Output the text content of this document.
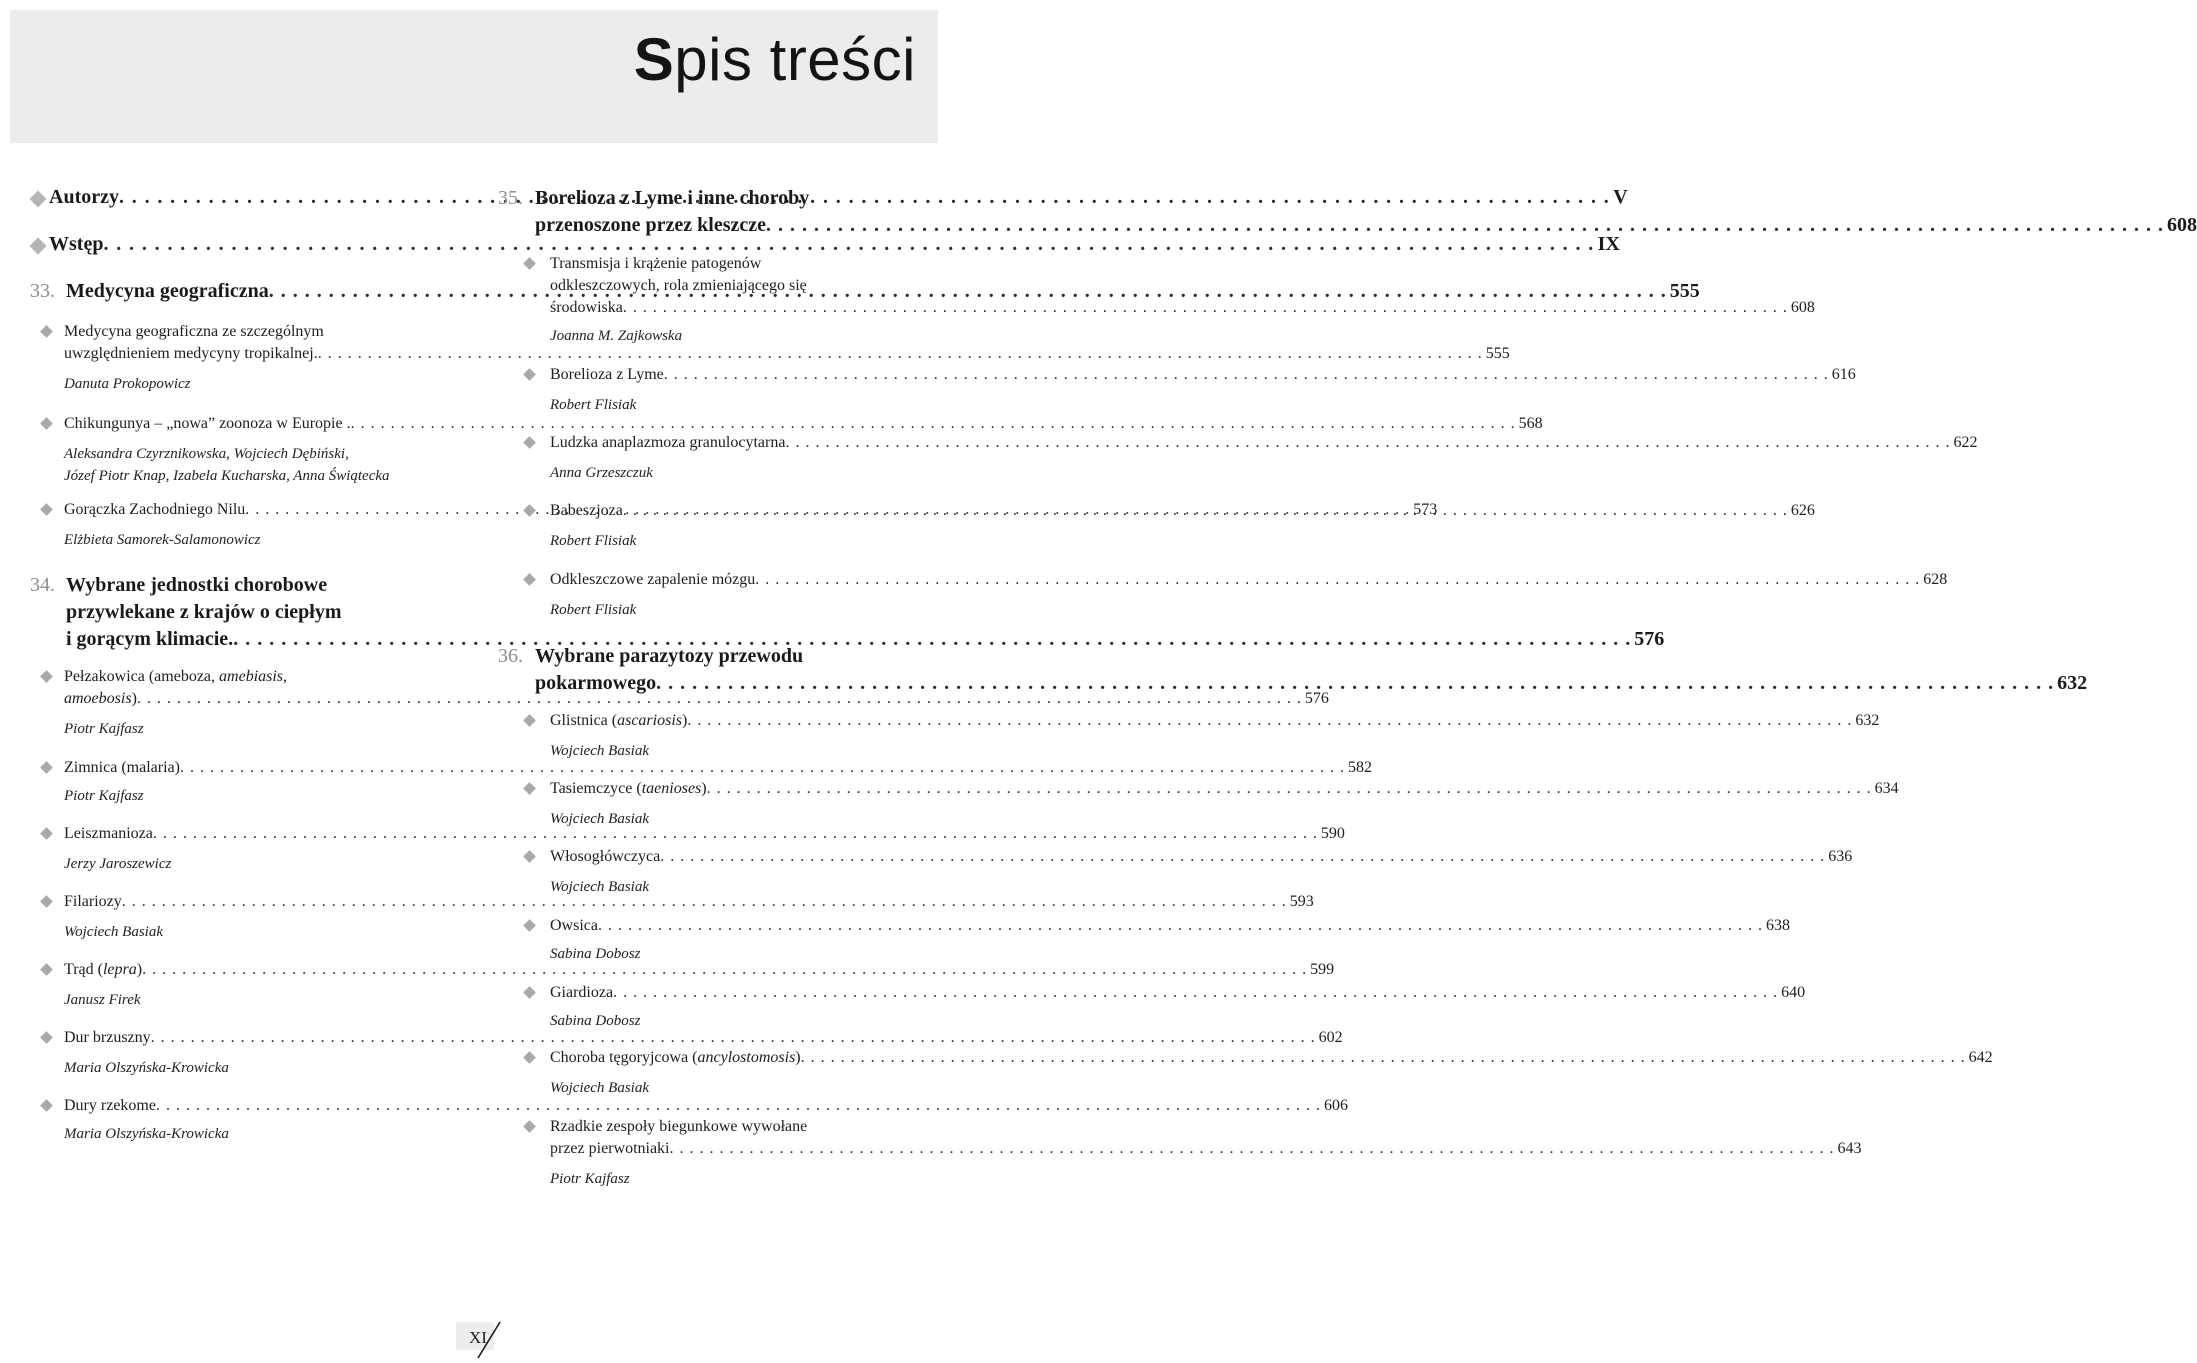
Spis treści
Autorzy . . .	V
Wstęp . . .	IX
33. Medycyna geograficzna . . .	555
Medycyna geograficzna ze szczególnym
uwzględnieniem medycyny tropikalnej. . . .	555
Danuta Prokopowicz
Chikungunya – „nowa” zoonoza w Europie . . . .	568
Aleksandra Czyrznikowska, Wojciech Dębiński,
Józef Piotr Knap, Izabela Kucharska, Anna Świątecka
Gorączka Zachodniego Nilu . . .	573
Elżbieta Samorek-Salamonowicz
34. Wybrane jednostki chorobowe
przywlekane z krajów o ciepłym
i gorącym klimacie. . . .	576
Pełzakowica (ameboza, amebiasis,
amoebosis) . . .	576
Piotr Kajfasz
Zimnica (malaria) . . .	582
Piotr Kajfasz
Leiszmanioza . . .	590
Jerzy Jaroszewicz
Filariozy . . .	593
Wojciech Basiak
Trąd (lepra) . . .	599
Janusz Firek
Dur brzuszny . . .	602
Maria Olszyńska-Krowicka
Dury rzekome . . .	606
Maria Olszyńska-Krowicka
35. Borelioza z Lyme i inne choroby
przenoszone przez kleszcze . . .	608
Transmisja i krążenie patogenów
odkleszczowych, rola zmieniającego się
środowiska . . .	608
Joanna M. Zajkowska
Borelioza z Lyme . . .	616
Robert Flisiak
Ludzka anaplazmoza granulocytarna . . .	622
Anna Grzeszczuk
Babeszjoza . . .	626
Robert Flisiak
Odkleszczowe zapalenie mózgu . . .	628
Robert Flisiak
36. Wybrane parazytozy przewodu
pokarmowego . . .	632
Glistnica (ascariosis) . . .	632
Wojciech Basiak
Tasiemczyce (taenioses) . . .	634
Wojciech Basiak
Włosogłówczyca . . .	636
Wojciech Basiak
Owsica . . .	638
Sabina Dobosz
Giardioza . . .	640
Sabina Dobosz
Choroba tęgoryjcowa (ancylostomosis) . . .	642
Wojciech Basiak
Rzadkie zespoły biegunkowe wywołane
przez pierwotniaki . . .	643
Piotr Kajfasz
XI
